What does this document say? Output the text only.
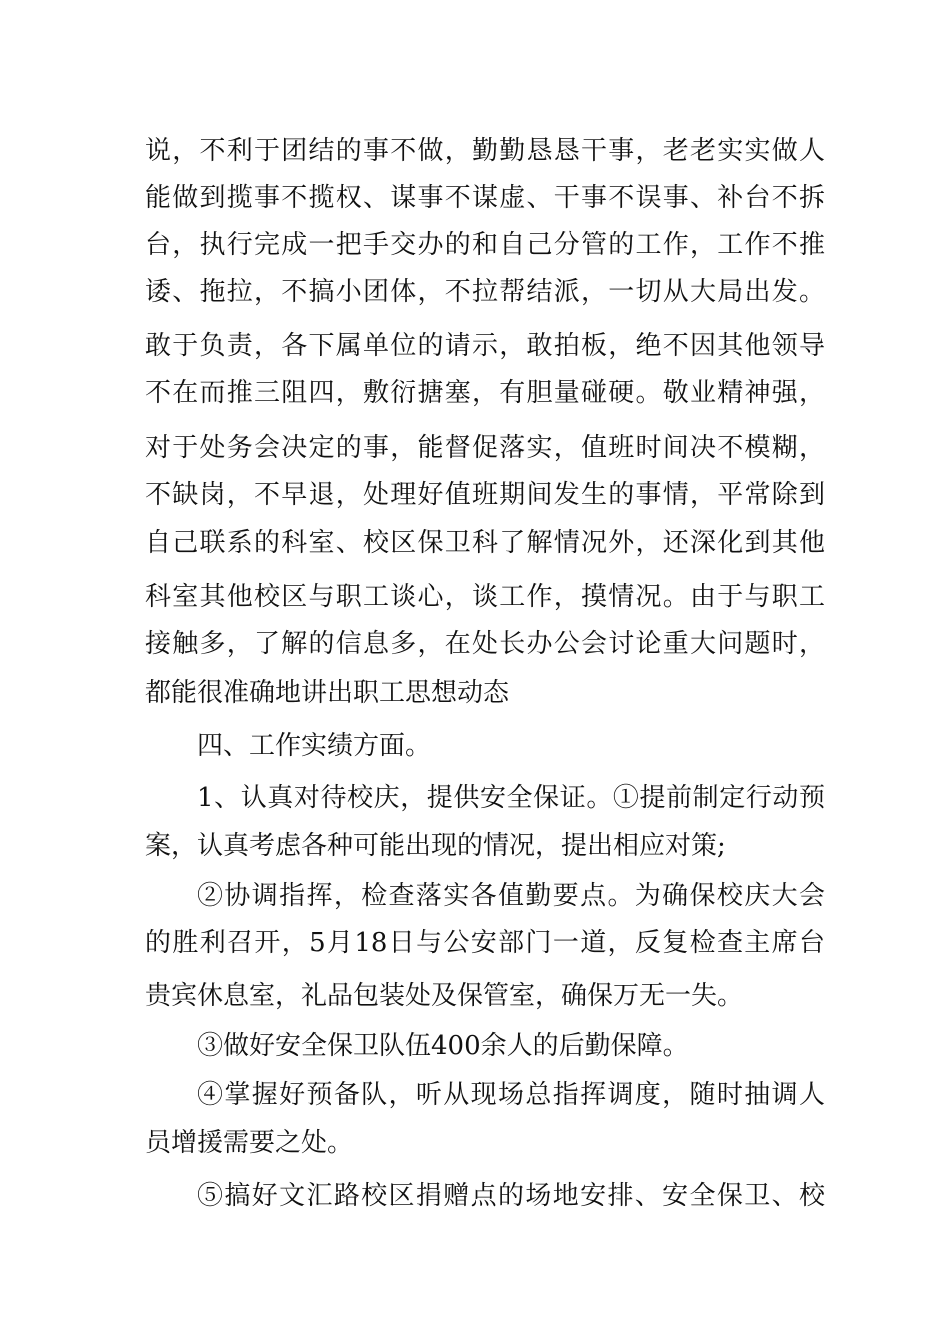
说，不利于团结的事不做，勤勤恳恳干事，老老实实做人
能做到揽事不揽权、谋事不谋虚、干事不误事、补台不拆
台，执行完成一把手交办的和自己分管的工作，工作不推
诿、拖拉，不搞小团体，不拉帮结派，一切从大局出发。
敢于负责，各下属单位的请示，敢拍板，绝不因其他领导
不在而推三阻四，敷衍搪塞，有胆量碰硬。敬业精神强，
对于处务会决定的事，能督促落实，值班时间决不模糊，
不缺岗，不早退，处理好值班期间发生的事情，平常除到
自己联系的科室、校区保卫科了解情况外，还深化到其他
科室其他校区与职工谈心，谈工作，摸情况。由于与职工
接触多，了解的信息多，在处长办公会讨论重大问题时，
都能很准确地讲出职工思想动态
四、工作实绩方面。
1、认真对待校庆，提供安全保证。①提前制定行动预
案，认真考虑各种可能出现的情况，提出相应对策;
②协调指挥，检查落实各值勤要点。为确保校庆大会
的胜利召开，5月18日与公安部门一道，反复检查主席台
贵宾休息室，礼品包装处及保管室，确保万无一失。
③做好安全保卫队伍400余人的后勤保障。
④掌握好预备队，听从现场总指挥调度，随时抽调人
员增援需要之处。
⑤搞好文汇路校区捐赠点的场地安排、安全保卫、校
